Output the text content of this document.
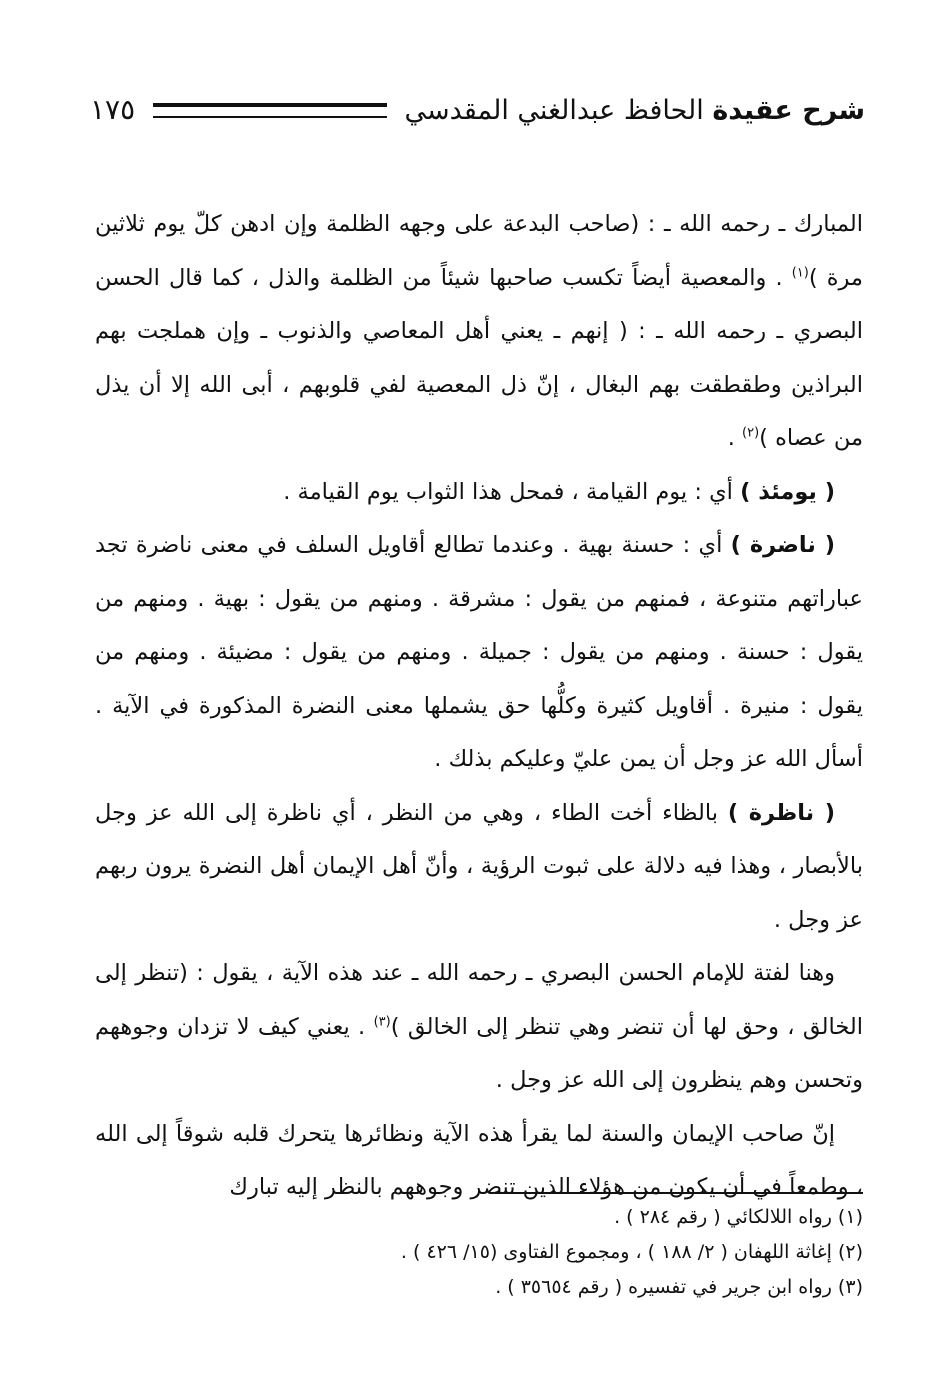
شرح عقيدة الحافظ عبدالغني المقدسي
١٧٥

المبارك ـ رحمه الله ـ : (صاحب البدعة على وجهه الظلمة وإن ادهن كلّ يوم ثلاثين مرة )$^{(١)}$ . والمعصية أيضاً تكسب صاحبها شيئاً من الظلمة والذل ، كما قال الحسن البصري ـ رحمه الله ـ : ( إنهم ـ يعني أهل المعاصي والذنوب ـ وإن هملجت بهم البراذين وطقطقت بهم البغال ، إنّ ذل المعصية لفي قلوبهم ، أبى الله إلا أن يذل من عصاه )$^{(٢)}$ .

( يومئذ ) أي : يوم القيامة ، فمحل هذا الثواب يوم القيامة .

( ناضرة ) أي : حسنة بهية . وعندما تطالع أقاويل السلف في معنى ناضرة تجد عباراتهم متنوعة ، فمنهم من يقول : مشرقة . ومنهم من يقول : بهية . ومنهم من يقول : حسنة . ومنهم من يقول : جميلة . ومنهم من يقول : مضيئة . ومنهم من يقول : منيرة . أقاويل كثيرة وكلُّها حق يشملها معنى النضرة المذكورة في الآية . أسأل الله عز وجل أن يمن عليّ وعليكم بذلك .

( ناظرة ) بالظاء أخت الطاء ، وهي من النظر ، أي ناظرة إلى الله عز وجل بالأبصار ، وهذا فيه دلالة على ثبوت الرؤية ، وأنّ أهل الإيمان أهل النضرة يرون ربهم عز وجل .

وهنا لفتة للإمام الحسن البصري ـ رحمه الله ـ عند هذه الآية ، يقول : (تنظر إلى الخالق ، وحق لها أن تنضر وهي تنظر إلى الخالق )$^{(٣)}$ . يعني كيف لا تزدان وجوههم وتحسن وهم ينظرون إلى الله عز وجل .

إنّ صاحب الإيمان والسنة لما يقرأ هذه الآية ونظائرها يتحرك قلبه شوقاً إلى الله ، وطمعاً في أن يكون من هؤلاء الذين تنضر وجوههم بالنظر إليه تبارك

(١) رواه اللالكائي ( رقم ٢٨٤ ) .

(٢) إغاثة اللهفان ( ٢/ ١٨٨ ) ، ومجموع الفتاوى (١٥/ ٤٢٦ ) .

(٣) رواه ابن جرير في تفسيره ( رقم ٣٥٦٥٤ ) .
